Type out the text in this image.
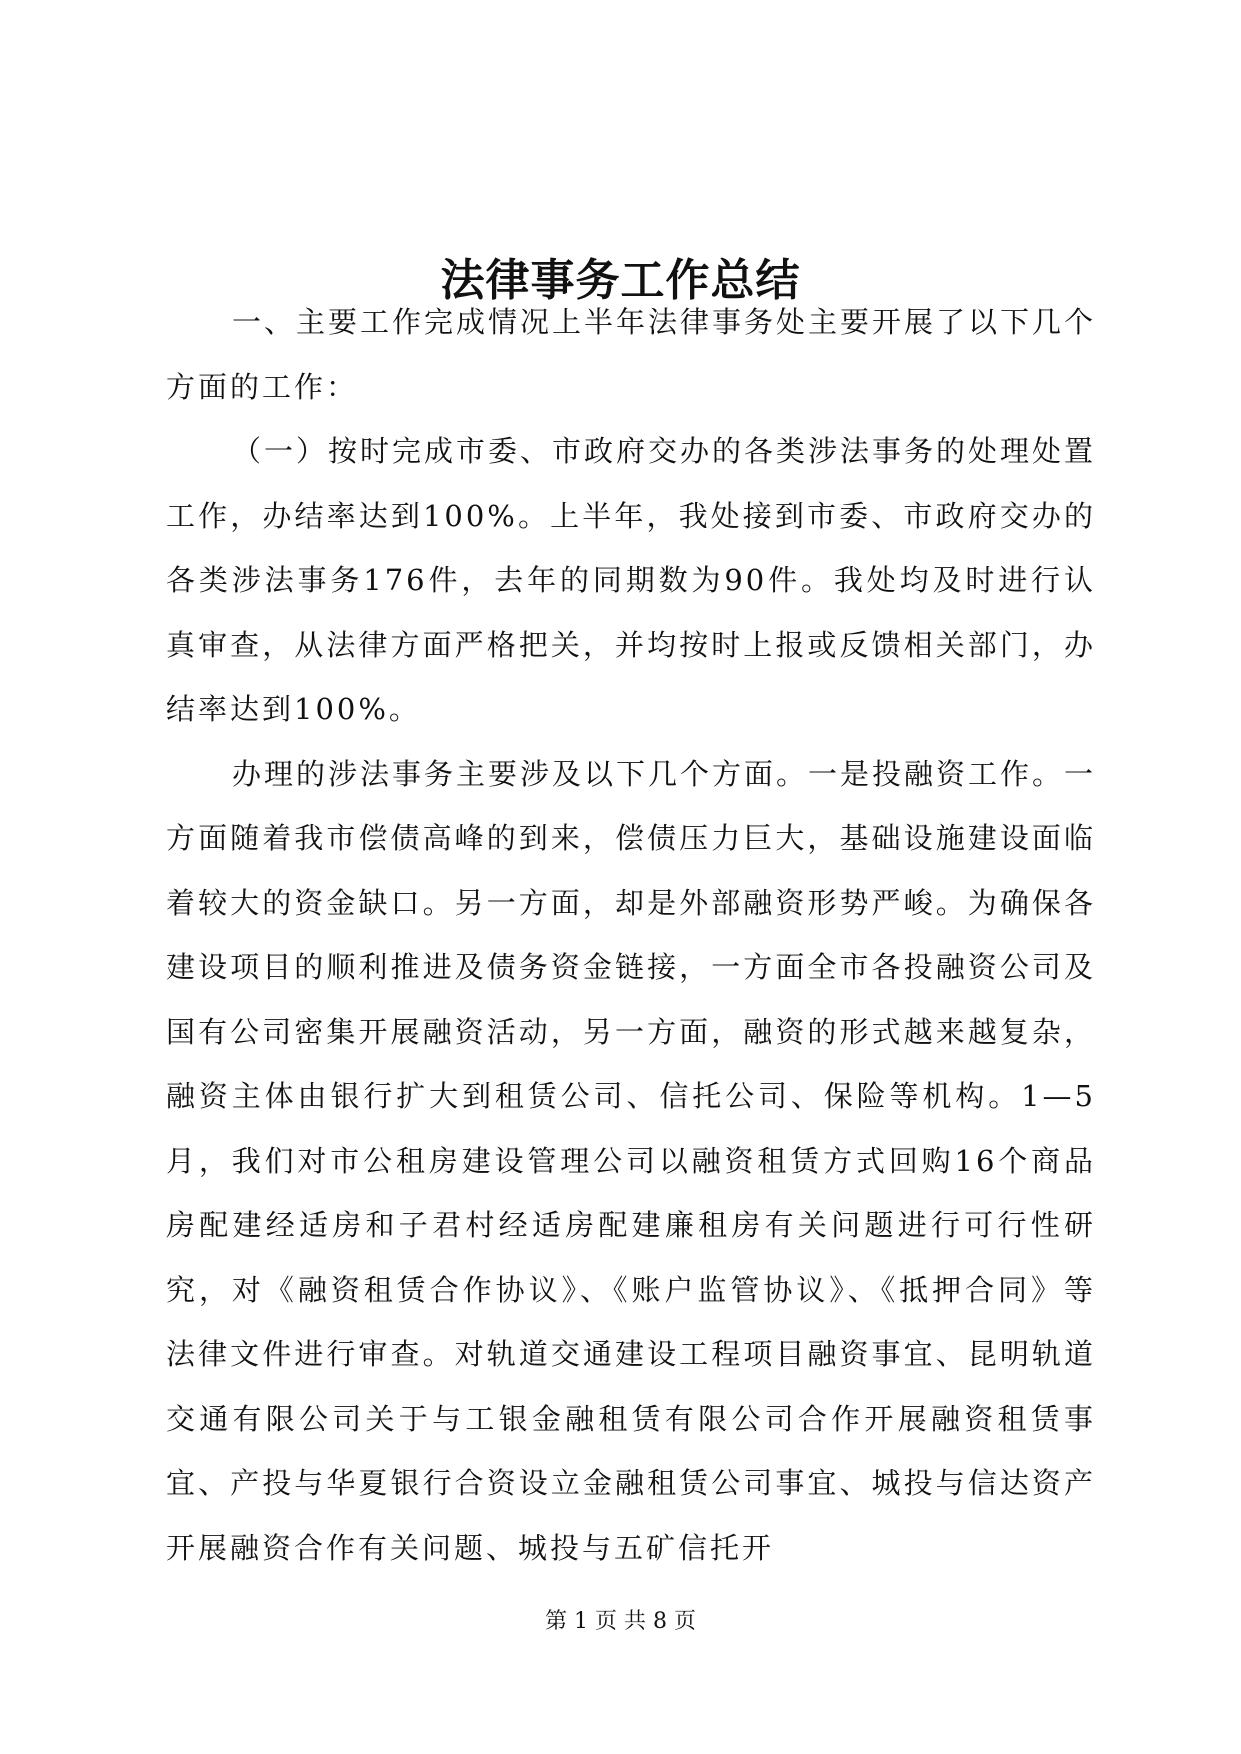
法律事务工作总结

一、主要工作完成情况上半年法律事务处主要开展了以下几个方面的工作：

（一）按时完成市委、市政府交办的各类涉法事务的处理处置工作，办结率达到100%。上半年，我处接到市委、市政府交办的各类涉法事务176件，去年的同期数为90件。我处均及时进行认真审查，从法律方面严格把关，并均按时上报或反馈相关部门，办结率达到100%。

办理的涉法事务主要涉及以下几个方面。一是投融资工作。一方面随着我市偿债高峰的到来，偿债压力巨大，基础设施建设面临着较大的资金缺口。另一方面，却是外部融资形势严峻。为确保各建设项目的顺利推进及债务资金链接，一方面全市各投融资公司及国有公司密集开展融资活动，另一方面，融资的形式越来越复杂，融资主体由银行扩大到租赁公司、信托公司、保险等机构。1—5月，我们对市公租房建设管理公司以融资租赁方式回购16个商品房配建经适房和子君村经适房配建廉租房有关问题进行可行性研究，对《融资租赁合作协议》、《账户监管协议》、《抵押合同》等法律文件进行审查。对轨道交通建设工程项目融资事宜、昆明轨道交通有限公司关于与工银金融租赁有限公司合作开展融资租赁事宜、产投与华夏银行合资设立金融租赁公司事宜、城投与信达资产开展融资合作有关问题、城投与五矿信托开

第 1 页 共 8 页
